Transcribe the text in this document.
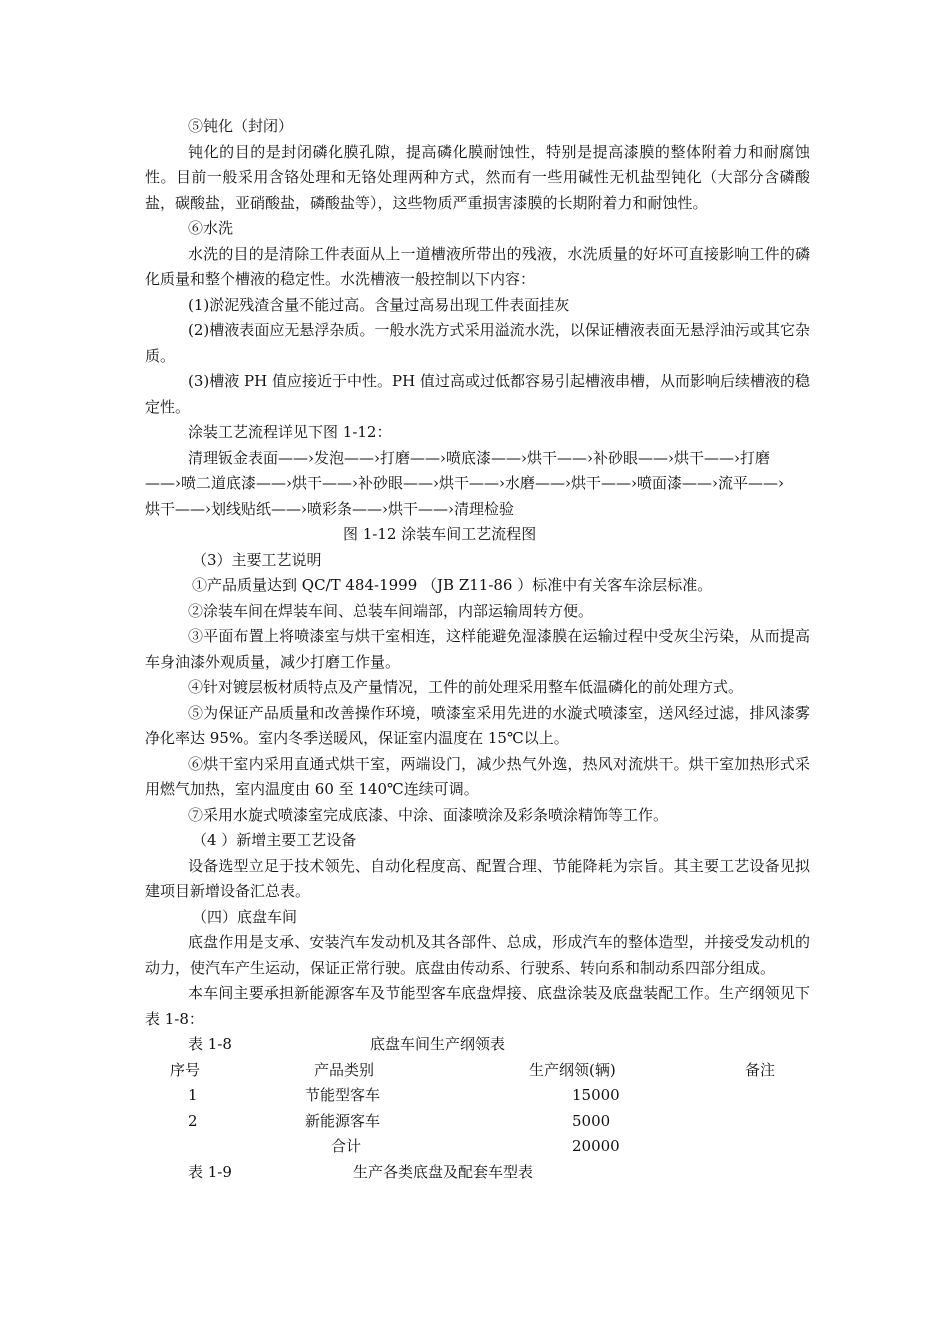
⑤钝化（封闭）

钝化的目的是封闭磷化膜孔隙，提高磷化膜耐蚀性，特别是提高漆膜的整体附着力和耐腐蚀性。目前一般采用含铬处理和无铬处理两种方式，然而有一些用碱性无机盐型钝化（大部分含磷酸盐，碳酸盐，亚硝酸盐，磷酸盐等），这些物质严重损害漆膜的长期附着力和耐蚀性。

⑥水洗

水洗的目的是清除工件表面从上一道槽液所带出的残液，水洗质量的好坏可直接影响工件的磷化质量和整个槽液的稳定性。水洗槽液一般控制以下内容：

(1)淤泥残渣含量不能过高。含量过高易出现工件表面挂灰

(2)槽液表面应无悬浮杂质。一般水洗方式采用溢流水洗，以保证槽液表面无悬浮油污或其它杂质。

(3)槽液 PH 值应接近于中性。PH 值过高或过低都容易引起槽液串槽，从而影响后续槽液的稳定性。

涂装工艺流程详见下图 1-12：

清理钣金表面——›发泡——›打磨——›喷底漆——›烘干——›补砂眼——›烘干——›打磨

——›喷二道底漆——›烘干——›补砂眼——›烘干——›水磨——›烘干——›喷面漆——›流平——›

烘干——›划线贴纸——›喷彩条——›烘干——›清理检验

图 1-12 涂装车间工艺流程图

（3）主要工艺说明

①产品质量达到 QC/T 484-1999 （JB Z11-86 ）标准中有关客车涂层标准。

②涂装车间在焊装车间、总装车间端部，内部运输周转方便。

③平面布置上将喷漆室与烘干室相连，这样能避免湿漆膜在运输过程中受灰尘污染，从而提高车身油漆外观质量，减少打磨工作量。

④针对镀层板材质特点及产量情况，工件的前处理采用整车低温磷化的前处理方式。

⑤为保证产品质量和改善操作环境，喷漆室采用先进的水漩式喷漆室，送风经过滤，排风漆雾净化率达 95%。室内冬季送暖风，保证室内温度在 15℃以上。

⑥烘干室内采用直通式烘干室，两端设门，减少热气外逸，热风对流烘干。烘干室加热形式采用燃气加热，室内温度由 60 至 140℃连续可调。

⑦采用水旋式喷漆室完成底漆、中涂、面漆喷涂及彩条喷涂精饰等工作。

（4 ）新增主要工艺设备

设备选型立足于技术领先、自动化程度高、配置合理、节能降耗为宗旨。其主要工艺设备见拟建项目新增设备汇总表。

（四）底盘车间

底盘作用是支承、安装汽车发动机及其各部件、总成，形成汽车的整体造型，并接受发动机的动力，使汽车产生运动，保证正常行驶。底盘由传动系、行驶系、转向系和制动系四部分组成。

本车间主要承担新能源客车及节能型客车底盘焊接、底盘涂装及底盘装配工作。生产纲领见下表 1-8：

表 1-8	底盘车间生产纲领表
序号	产品类别	生产纲领(辆)	备注
1	节能型客车	15000
2	新能源客车	5000
合计	20000
表 1-9	生产各类底盘及配套车型表
